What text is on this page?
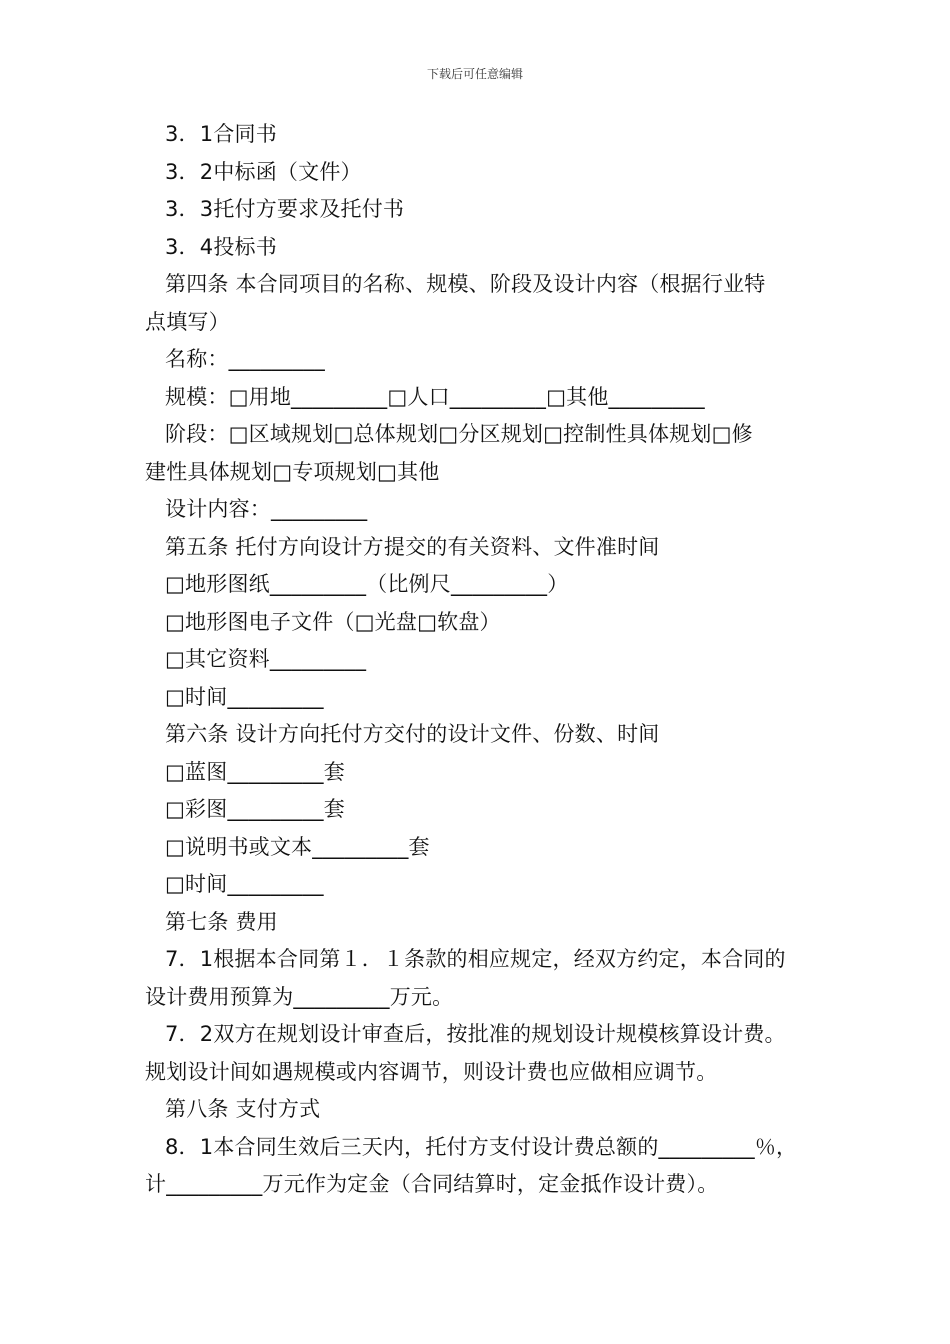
下载后可任意编辑
3．1合同书
3．2中标函（文件）
3．3托付方要求及托付书
3．4投标书
第四条 本合同项目的名称、规模、阶段及设计内容（根据行业特
点填写）
名称：_________
规模：□用地_________□人口_________□其他_________
阶段：□区域规划□总体规划□分区规划□控制性具体规划□修
建性具体规划□专项规划□其他
设计内容：_________
第五条 托付方向设计方提交的有关资料、文件准时间
□地形图纸_________（比例尺_________）
□地形图电子文件（□光盘□软盘）
□其它资料_________
□时间_________
第六条 设计方向托付方交付的设计文件、份数、时间
□蓝图_________套
□彩图_________套
□说明书或文本_________套
□时间_________
第七条 费用
7．1根据本合同第１．１条款的相应规定，经双方约定，本合同的
设计费用预算为_________万元。
7．2双方在规划设计审查后，按批准的规划设计规模核算设计费。
规划设计间如遇规模或内容调节，则设计费也应做相应调节。
第八条 支付方式
8．1本合同生效后三天内，托付方支付设计费总额的_________％，
计_________万元作为定金（合同结算时，定金抵作设计费）。
